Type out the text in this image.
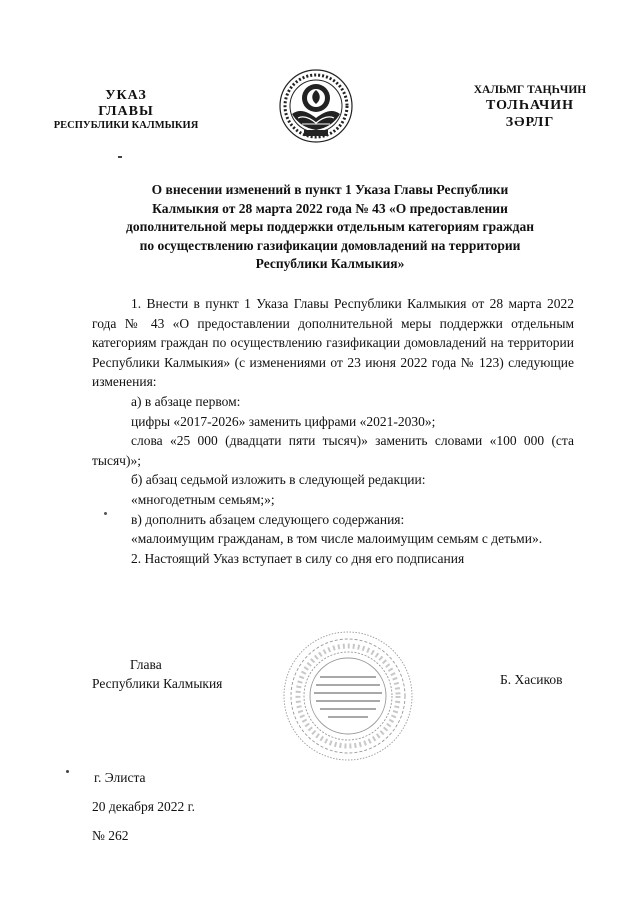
УКАЗ
ГЛАВЫ
РЕСПУБЛИКИ КАЛМЫКИЯ
ХАЛЬМГ ТАҢҺЧИН
ТОЛҺАЧИН
ЗӘРЛГ
О внесении изменений в пункт 1 Указа Главы Республики
Калмыкия от 28 марта 2022 года № 43 «О предоставлении
дополнительной меры поддержки отдельным категориям граждан
по осуществлению газификации домовладений на территории
Республики Калмыкия»

1. Внести в пункт 1 Указа Главы Республики Калмыкия от 28 марта 2022 года № 43 «О предоставлении дополнительной меры поддержки отдельным категориям граждан по осуществлению газификации домовладений на территории Республики Калмыкия» (с изменениями от 23 июня 2022 года № 123) следующие изменения:

а) в абзаце первом:

цифры «2017-2026» заменить цифрами «2021-2030»;

слова «25 000 (двадцати пяти тысяч)» заменить словами «100 000 (ста тысяч)»;

б) абзац седьмой изложить в следующей редакции:

«многодетным семьям;»;

в) дополнить абзацем следующего содержания:

«малоимущим гражданам, в том числе малоимущим семьям с детьми».

2. Настоящий Указ вступает в силу со дня его подписания

Глава
Республики Калмыкия	Б. Хасиков
г. Элиста
20 декабря 2022 г.
№ 262
